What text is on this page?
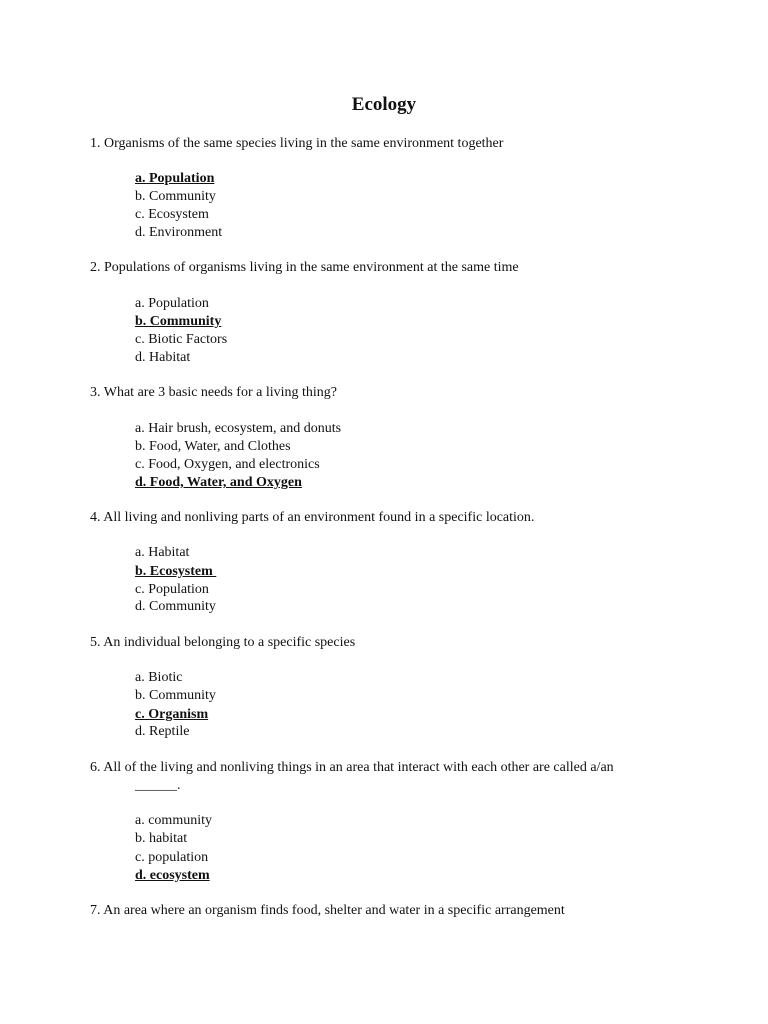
Ecology
1. Organisms of the same species living in the same environment together
a. Population
b. Community
c. Ecosystem
d. Environment
2. Populations of organisms living in the same environment at the same time
a. Population
b. Community
c. Biotic Factors
d. Habitat
3. What are 3 basic needs for a living thing?
a. Hair brush, ecosystem, and donuts
b. Food, Water, and Clothes
c. Food, Oxygen, and electronics
d. Food, Water, and Oxygen
4. All living and nonliving parts of an environment found in a specific location.
a. Habitat
b. Ecosystem
c. Population
d. Community
5. An individual belonging to a specific species
a. Biotic
b. Community
c. Organism
d. Reptile
6. All of the living and nonliving things in an area that interact with each other are called a/an
______.
a. community
b. habitat
c. population
d. ecosystem
7. An area where an organism finds food, shelter and water in a specific arrangement
